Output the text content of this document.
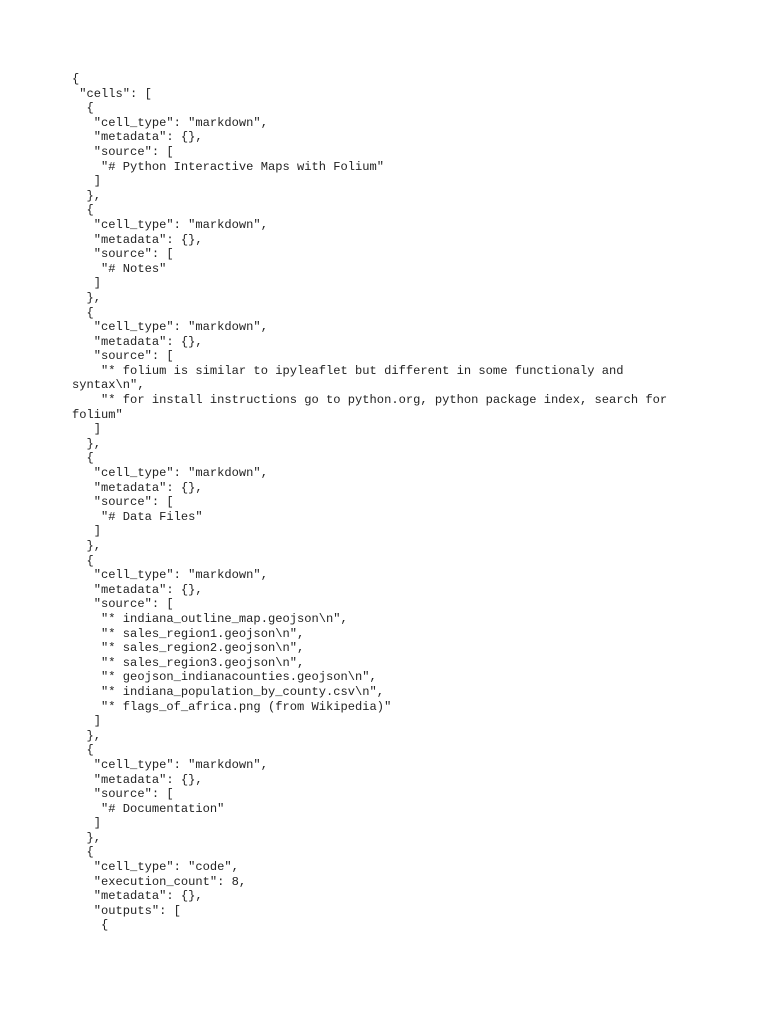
{
"cells": [
{
"cell_type": "markdown",
"metadata": {},
"source": [
"# Python Interactive Maps with Folium"
]
},
{
"cell_type": "markdown",
"metadata": {},
"source": [
"# Notes"
]
},
{
"cell_type": "markdown",
"metadata": {},
"source": [
"* folium is similar to ipyleaflet but different in some functionaly and
syntax\n",
"* for install instructions go to python.org, python package index, search for
folium"
]
},
{
"cell_type": "markdown",
"metadata": {},
"source": [
"# Data Files"
]
},
{
"cell_type": "markdown",
"metadata": {},
"source": [
"* indiana_outline_map.geojson\n",
"* sales_region1.geojson\n",
"* sales_region2.geojson\n",
"* sales_region3.geojson\n",
"* geojson_indianacounties.geojson\n",
"* indiana_population_by_county.csv\n",
"* flags_of_africa.png (from Wikipedia)"
]
},
{
"cell_type": "markdown",
"metadata": {},
"source": [
"# Documentation"
]
},
{
"cell_type": "code",
"execution_count": 8,
"metadata": {},
"outputs": [
{
